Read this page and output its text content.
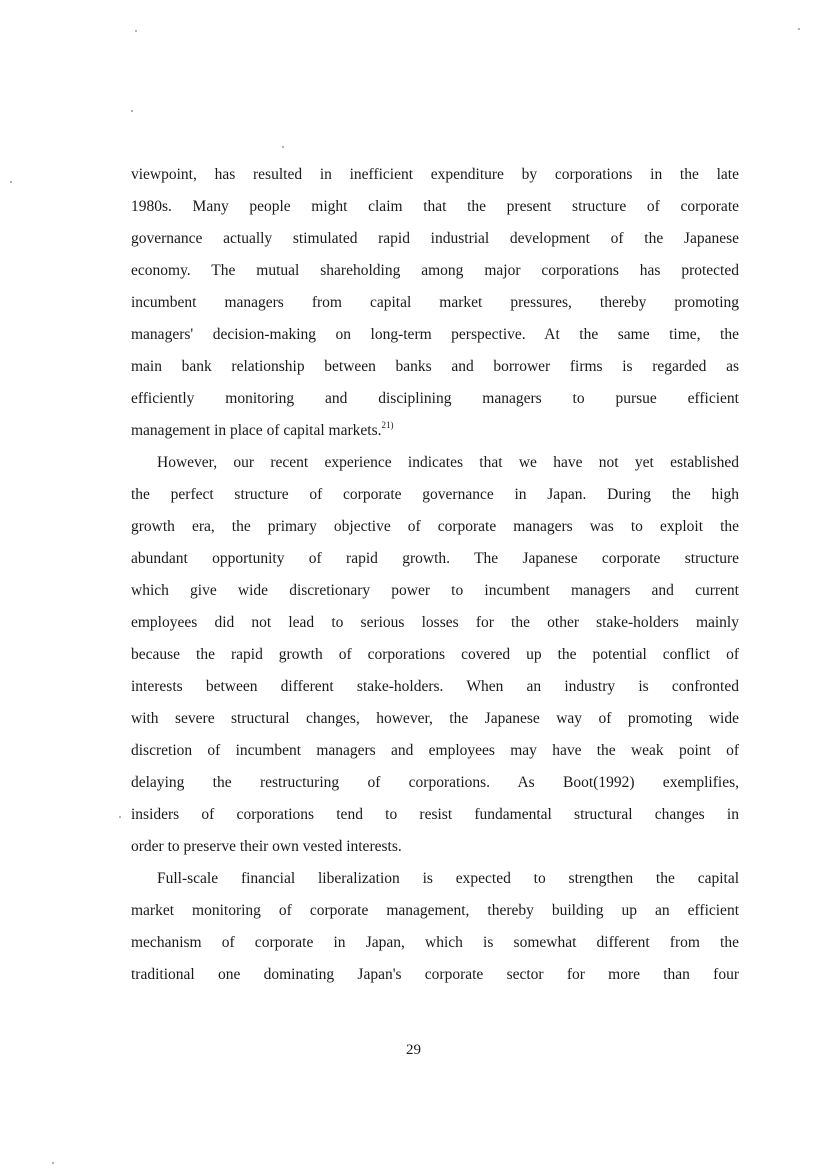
viewpoint, has resulted in inefficient expenditure by corporations in the late
1980s. Many people might claim that the present structure of corporate
governance actually stimulated rapid industrial development of the Japanese
economy. The mutual shareholding among major corporations has protected
incumbent managers from capital market pressures, thereby promoting
managers' decision-making on long-term perspective. At the same time, the
main bank relationship between banks and borrower firms is regarded as
efficiently monitoring and disciplining managers to pursue efficient
management in place of capital markets.$^{21)}$
However, our recent experience indicates that we have not yet established
the perfect structure of corporate governance in Japan. During the high
growth era, the primary objective of corporate managers was to exploit the
abundant opportunity of rapid growth. The Japanese corporate structure
which give wide discretionary power to incumbent managers and current
employees did not lead to serious losses for the other stake-holders mainly
because the rapid growth of corporations covered up the potential conflict of
interests between different stake-holders. When an industry is confronted
with severe structural changes, however, the Japanese way of promoting wide
discretion of incumbent managers and employees may have the weak point of
delaying the restructuring of corporations. As Boot(1992) exemplifies,
insiders of corporations tend to resist fundamental structural changes in
order to preserve their own vested interests.
Full-scale financial liberalization is expected to strengthen the capital
market monitoring of corporate management, thereby building up an efficient
mechanism of corporate in Japan, which is somewhat different from the
traditional one dominating Japan's corporate sector for more than four
29
